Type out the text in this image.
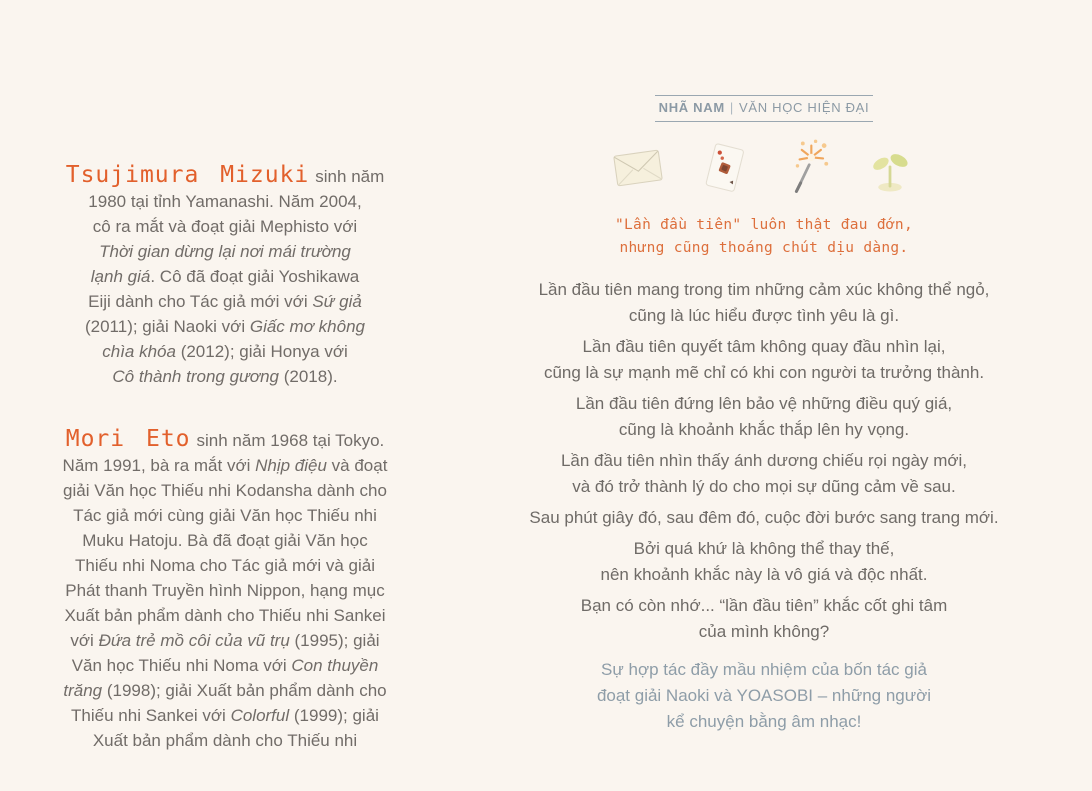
Tsujimura Mizuki sinh năm
1980 tại tỉnh Yamanashi. Năm 2004,
cô ra mắt và đoạt giải Mephisto với
Thời gian dừng lại nơi mái trường
lạnh giá. Cô đã đoạt giải Yoshikawa
Eiji dành cho Tác giả mới với Sứ giả
(2011); giải Naoki với Giấc mơ không
chìa khóa (2012); giải Honya với
Cô thành trong gương (2018).

Mori Eto sinh năm 1968 tại Tokyo.
Năm 1991, bà ra mắt với Nhịp điệu và đoạt
giải Văn học Thiếu nhi Kodansha dành cho
Tác giả mới cùng giải Văn học Thiếu nhi
Muku Hatoju. Bà đã đoạt giải Văn học
Thiếu nhi Noma cho Tác giả mới và giải
Phát thanh Truyền hình Nippon, hạng mục
Xuất bản phẩm dành cho Thiếu nhi Sankei
với Đứa trẻ mồ côi của vũ trụ (1995); giải
Văn học Thiếu nhi Noma với Con thuyền
trăng (1998); giải Xuất bản phẩm dành cho
Thiếu nhi Sankei với Colorful (1999); giải
Xuất bản phẩm dành cho Thiếu nhi

NHÃ NAM | VĂN HỌC HIỆN ĐẠI
"Lần đầu tiên" luôn thật đau đớn,
nhưng cũng thoáng chút dịu dàng.

Lần đầu tiên mang trong tim những cảm xúc không thể ngỏ,
cũng là lúc hiểu được tình yêu là gì.

Lần đầu tiên quyết tâm không quay đầu nhìn lại,
cũng là sự mạnh mẽ chỉ có khi con người ta trưởng thành.

Lần đầu tiên đứng lên bảo vệ những điều quý giá,
cũng là khoảnh khắc thắp lên hy vọng.

Lần đầu tiên nhìn thấy ánh dương chiếu rọi ngày mới,
và đó trở thành lý do cho mọi sự dũng cảm về sau.

Sau phút giây đó, sau đêm đó, cuộc đời bước sang trang mới.

Bởi quá khứ là không thể thay thế,
nên khoảnh khắc này là vô giá và độc nhất.

Bạn có còn nhớ... “lần đầu tiên” khắc cốt ghi tâm
của mình không?

Sự hợp tác đầy mầu nhiệm của bốn tác giả
đoạt giải Naoki và YOASOBI – những người
kể chuyện bằng âm nhạc!
